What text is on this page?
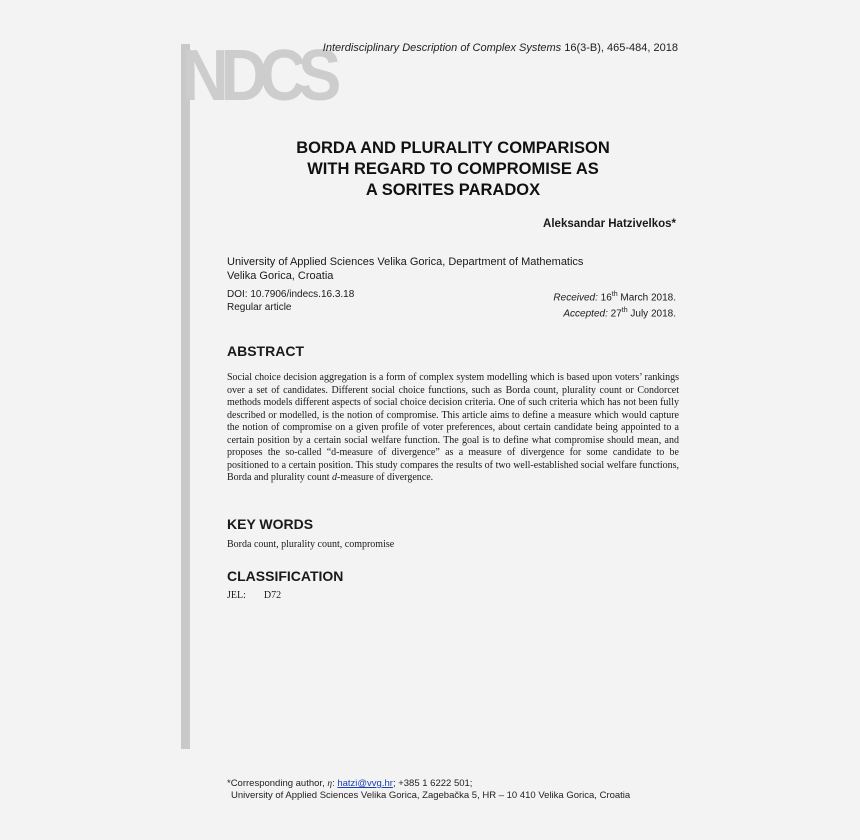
NDCS
Interdisciplinary Description of Complex Systems 16(3-B), 465-484, 2018
BORDA AND PLURALITY COMPARISON
WITH REGARD TO COMPROMISE AS
A SORITES PARADOX
Aleksandar Hatzivelkos*
University of Applied Sciences Velika Gorica, Department of Mathematics
Velika Gorica, Croatia
DOI: 10.7906/indecs.16.3.18
Regular article
Received: 16th March 2018.
Accepted: 27th July 2018.
ABSTRACT
Social choice decision aggregation is a form of complex system modelling which is based upon voters’ rankings over a set of candidates. Different social choice functions, such as Borda count, plurality count or Condorcet methods models different aspects of social choice decision criteria. One of such criteria which has not been fully described or modelled, is the notion of compromise. This article aims to define a measure which would capture the notion of compromise on a given profile of voter preferences, about certain candidate being appointed to a certain position by a certain social welfare function. The goal is to define what compromise should mean, and proposes the so-called “d-measure of divergence” as a measure of divergence for some candidate to be positioned to a certain position. This study compares the results of two well-established social welfare functions, Borda and plurality count d-measure of divergence.
KEY WORDS
Borda count, plurality count, compromise
CLASSIFICATION
JEL: D72
*Corresponding author, η: hatzi@vvg.hr; +385 1 6222 501;
University of Applied Sciences Velika Gorica, Zagebačka 5, HR – 10 410 Velika Gorica, Croatia
